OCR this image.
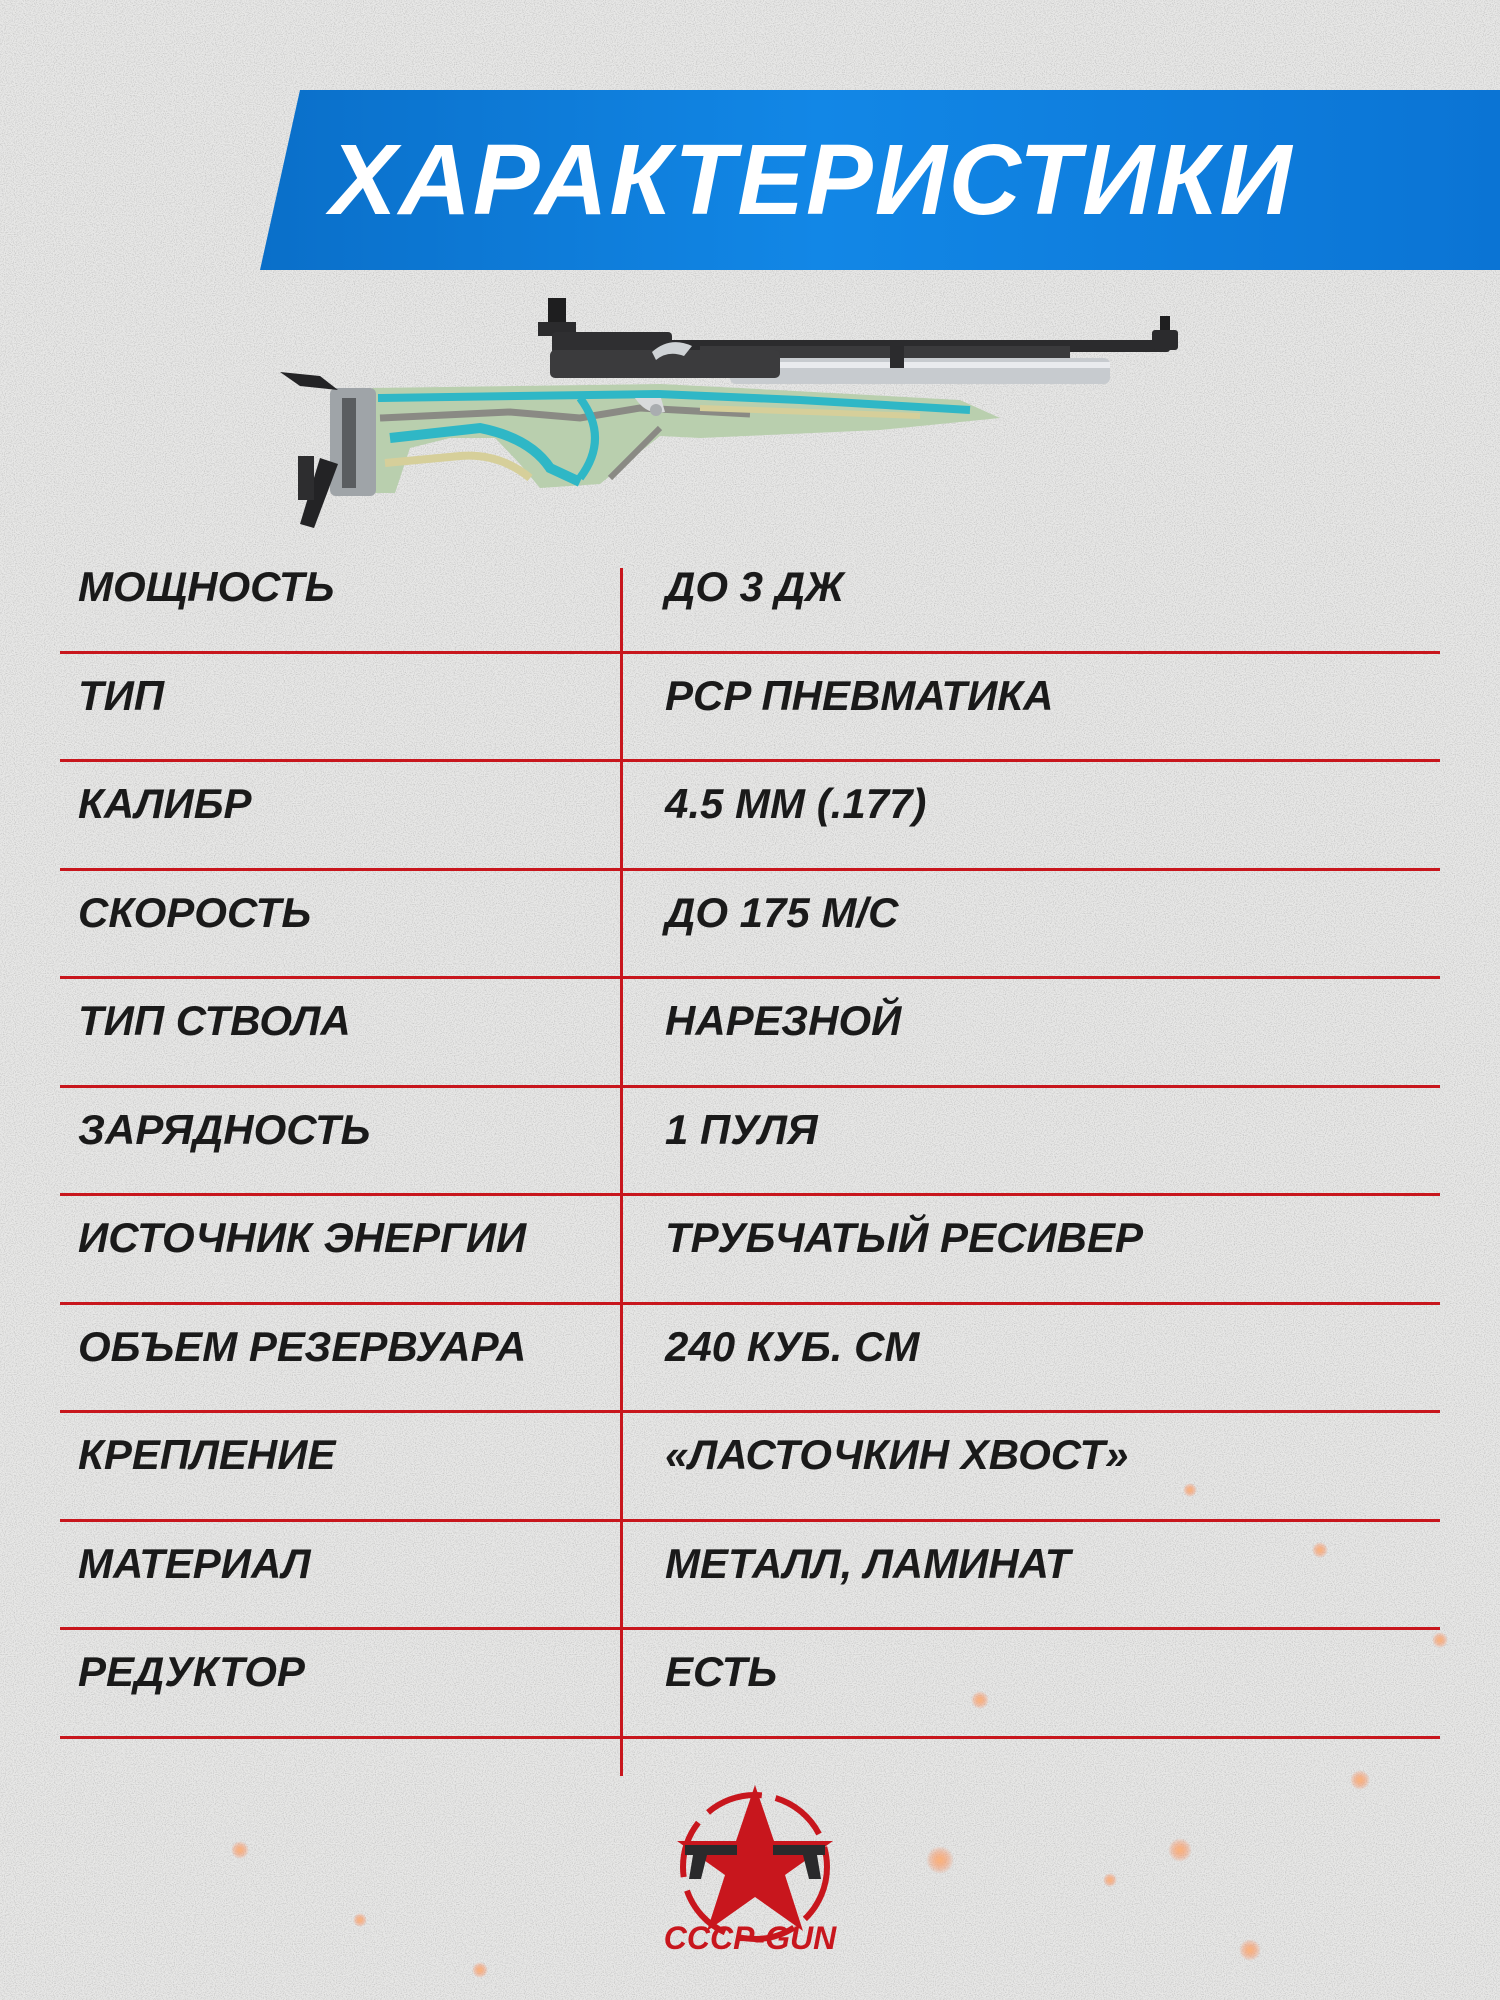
ХАРАКТЕРИСТИКИ
МОЩНОСТЬ	ДО 3 ДЖ
ТИП	PCP ПНЕВМАТИКА
КАЛИБР	4.5 ММ (.177)
СКОРОСТЬ	ДО 175 М/С
ТИП СТВОЛА	НАРЕЗНОЙ
ЗАРЯДНОСТЬ	1 ПУЛЯ
ИСТОЧНИК ЭНЕРГИИ	ТРУБЧАТЫЙ РЕСИВЕР
ОБЪЕМ РЕЗЕРВУАРА	240 КУБ. СМ
КРЕПЛЕНИЕ	«ЛАСТОЧКИН ХВОСТ»
МАТЕРИАЛ	МЕТАЛЛ, ЛАМИНАТ
РЕДУКТОР	ЕСТЬ
СССР-GUN
